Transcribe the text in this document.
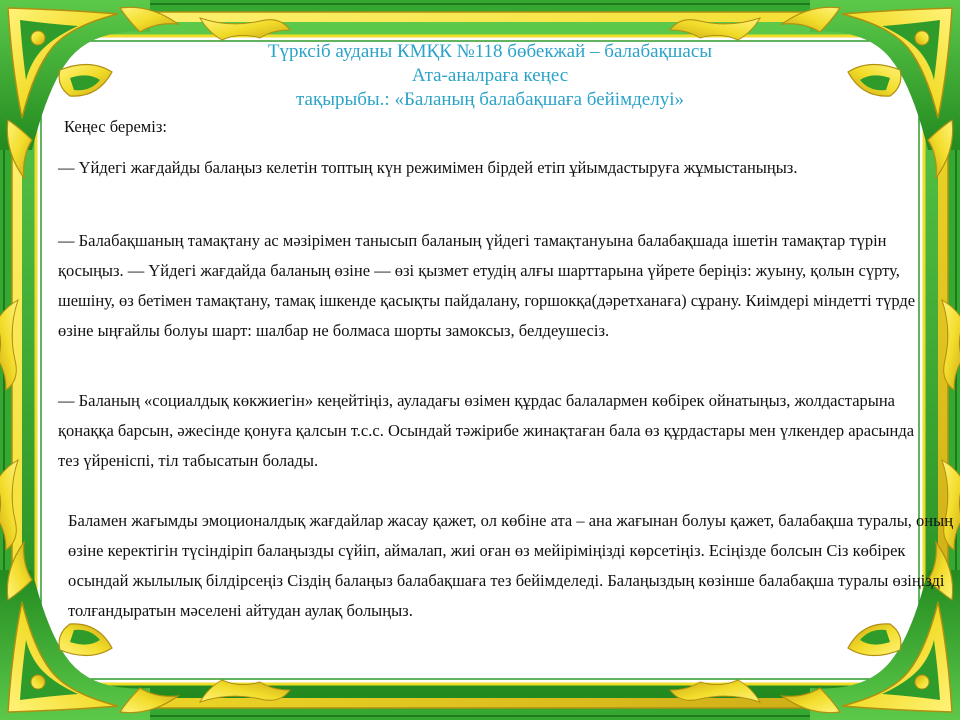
Түрксіб ауданы КМҚК №118 бөбекжай – балабақшасы
Ата-аналраға кеңес
тақырыбы.: «Баланың балабақшаға бейімделуі»
Кеңес береміз:
— Үйдегі жағдайды балаңыз келетін топтың күн режимімен бірдей етіп ұйымдастыруға жұмыстаныңыз.
— Балабақшаның тамақтану ас мәзірімен танысып баланың үйдегі тамақтануына балабақшада ішетін тамақтар түрін қосыңыз. — Үйдегі жағдайда баланың өзіне — өзі қызмет етудің алғы шарттарына үйрете беріңіз: жуыну, қолын сүрту, шешіну, өз бетімен тамақтану, тамақ ішкенде қасықты пайдалану, горшокқа(дәретханаға) сұрану. Киімдері міндетті түрде өзіне ыңғайлы болуы шарт: шалбар не болмаса шорты замоксыз, белдеушесіз.
— Баланың «социалдық көкжиегін» кеңейтіңіз, ауладағы өзімен құрдас балалармен көбірек ойнатыңыз, жолдастарына қонаққа барсын, әжесінде қонуға қалсын т.с.с. Осындай тәжірибе жинақтаған бала өз құрдастары мен үлкендер арасында тез үйреніспі, тіл табысатын болады.
Баламен жағымды эмоционалдық жағдайлар жасау қажет, ол көбіне ата – ана жағынан болуы қажет, балабақша туралы, оның өзіне керектігін түсіндіріп балаңызды сүйіп, аймалап, жиі оған өз мейіріміңізді көрсетіңіз. Есіңізде болсын Сіз көбірек осындай жылылық білдірсеңіз Сіздің балаңыз балабақшаға тез бейімделеді. Балаңыздың көзінше балабақша туралы өзіңізді толғандыратын мәселені айтудан аулақ болыңыз.
